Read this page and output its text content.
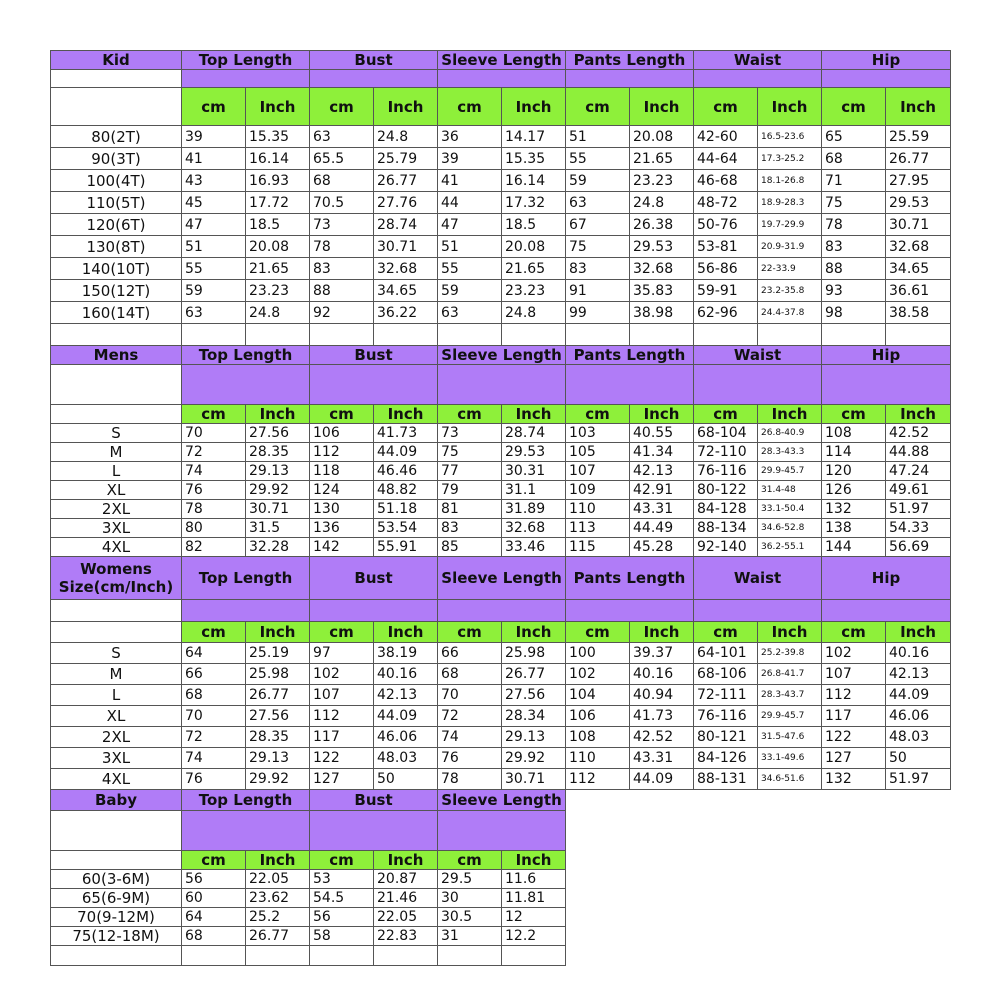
Kid	Top Length		Bust		Sleeve Length		Pants Length		Waist		Hip	

	cm	Inch	cm	Inch	cm	Inch	cm	Inch	cm	Inch	cm	Inch
80(2T)	39	15.35	63	24.8	36	14.17	51	20.08	42-60	16.5-23.6	65	25.59
90(3T)	41	16.14	65.5	25.79	39	15.35	55	21.65	44-64	17.3-25.2	68	26.77
100(4T)	43	16.93	68	26.77	41	16.14	59	23.23	46-68	18.1-26.8	71	27.95
110(5T)	45	17.72	70.5	27.76	44	17.32	63	24.8	48-72	18.9-28.3	75	29.53
120(6T)	47	18.5	73	28.74	47	18.5	67	26.38	50-76	19.7-29.9	78	30.71
130(8T)	51	20.08	78	30.71	51	20.08	75	29.53	53-81	20.9-31.9	83	32.68
140(10T)	55	21.65	83	32.68	55	21.65	83	32.68	56-86	22-33.9	88	34.65
150(12T)	59	23.23	88	34.65	59	23.23	91	35.83	59-91	23.2-35.8	93	36.61
160(14T)	63	24.8	92	36.22	63	24.8	99	38.98	62-96	24.4-37.8	98	38.58

Mens	Top Length		Bust		Sleeve Length		Pants Length		Waist		Hip	

	cm	Inch	cm	Inch	cm	Inch	cm	Inch	cm	Inch	cm	Inch
S	70	27.56	106	41.73	73	28.74	103	40.55	68-104	26.8-40.9	108	42.52
M	72	28.35	112	44.09	75	29.53	105	41.34	72-110	28.3-43.3	114	44.88
L	74	29.13	118	46.46	77	30.31	107	42.13	76-116	29.9-45.7	120	47.24
XL	76	29.92	124	48.82	79	31.1	109	42.91	80-122	31.4-48	126	49.61
2XL	78	30.71	130	51.18	81	31.89	110	43.31	84-128	33.1-50.4	132	51.97
3XL	80	31.5	136	53.54	83	32.68	113	44.49	88-134	34.6-52.8	138	54.33
4XL	82	32.28	142	55.91	85	33.46	115	45.28	92-140	36.2-55.1	144	56.69

Womens
Size(cm/Inch)	Top Length		Bust		Sleeve Length		Pants Length		Waist		Hip	

	cm	Inch	cm	Inch	cm	Inch	cm	Inch	cm	Inch	cm	Inch
S	64	25.19	97	38.19	66	25.98	100	39.37	64-101	25.2-39.8	102	40.16
M	66	25.98	102	40.16	68	26.77	102	40.16	68-106	26.8-41.7	107	42.13
L	68	26.77	107	42.13	70	27.56	104	40.94	72-111	28.3-43.7	112	44.09
XL	70	27.56	112	44.09	72	28.34	106	41.73	76-116	29.9-45.7	117	46.06
2XL	72	28.35	117	46.06	74	29.13	108	42.52	80-121	31.5-47.6	122	48.03
3XL	74	29.13	122	48.03	76	29.92	110	43.31	84-126	33.1-49.6	127	50
4XL	76	29.92	127	50	78	30.71	112	44.09	88-131	34.6-51.6	132	51.97
Baby	Top Length		Bust		Sleeve Length							

	cm	Inch	cm	Inch	cm	Inch						
60(3-6M)	56	22.05	53	20.87	29.5	11.6						
65(6-9M)	60	23.62	54.5	21.46	30	11.81						
70(9-12M)	64	25.2	56	22.05	30.5	12						
75(12-18M)	68	26.77	58	22.83	31	12.2						
